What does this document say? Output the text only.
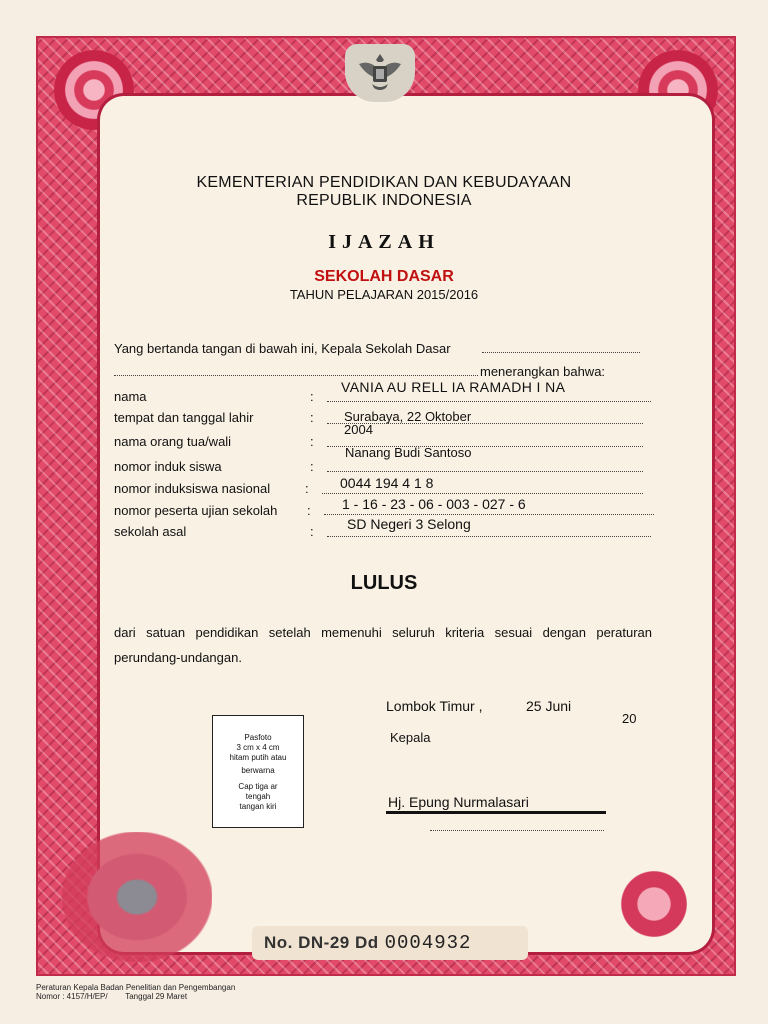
KEMENTERIAN PENDIDIKAN DAN KEBUDAYAAN
REPUBLIK INDONESIA
IJAZAH
SEKOLAH DASAR
TAHUN PELAJARAN 2015/2016
Yang bertanda tangan di bawah ini, Kepala Sekolah Dasar
menerangkan bahwa:
nama	:
VANIA AU RELL IA RAMADH I NA
tempat dan tanggal lahir	: Surabaya, 22 Oktober
2004
nama orang tua/wali	:
Nanang Budi Santoso
nomor induk siswa	:
nomor induksiswa nasional	: 0044 194 4 1 8
nomor peserta ujian sekolah : 1 - 16 - 23 - 06 - 003 - 027 - 6
sekolah asal	: SD Negeri 3 Selong
LULUS
dari satuan pendidikan setelah memenuhi seluruh kriteria sesuai dengan peraturan perundang-undangan.
Pasfoto
3 cm x 4 cm
hitam putih atau
berwarna
Cap tiga ar
tengah
tangan kiri
Lombok Timur ,	25 Juni
20
Kepala
Hj. Epung Nurmalasari
No. DN-29 Dd 0004932
Peraturan Kepala Badan Penelitian dan Pengembangan
Nomor : 4157/H/EP/        Tanggal 29 Maret
